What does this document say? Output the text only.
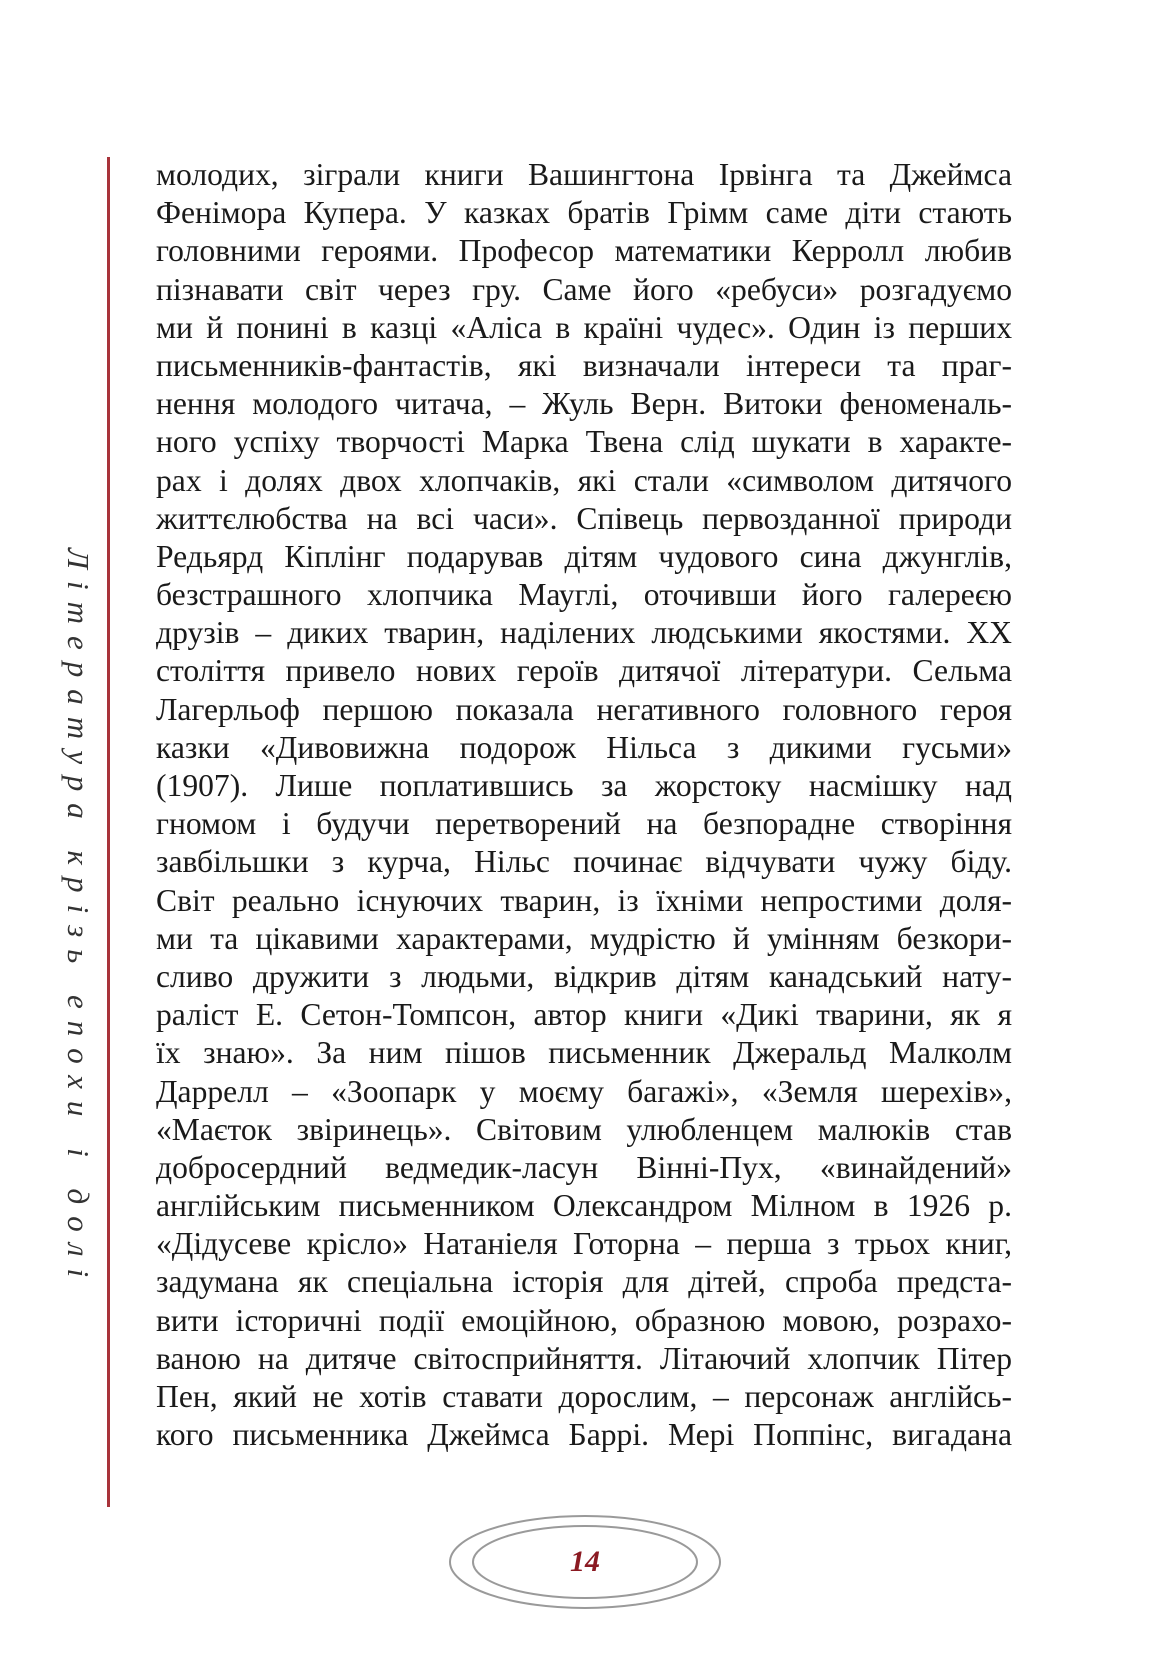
Література крізь епохи і долі
молодих, зіграли книги Вашингтона Ірвінга та Джеймса
Фенімора Купера. У казках братів Грімм саме діти стають
головними героями. Професор математики Керролл любив
пізнавати світ через гру. Саме його «ребуси» розгадуємо
ми й понині в казці «Аліса в країні чудес». Один із перших
письменників-фантастів, які визначали інтереси та праг-
нення молодого читача, – Жуль Верн. Витоки феноменаль-
ного успіху творчості Марка Твена слід шукати в характе-
рах і долях двох хлопчаків, які стали «символом дитячого
життєлюбства на всі часи». Співець первозданної природи
Редьярд Кіплінг подарував дітям чудового сина джунглів,
безстрашного хлопчика Мауглі, оточивши його галереєю
друзів – диких тварин, наділених людськими якостями. XX
століття привело нових героїв дитячої літератури. Сельма
Лагерльоф першою показала негативного головного героя
казки «Дивовижна подорож Нільса з дикими гусьми»
(1907). Лише поплатившись за жорстоку насмішку над
гномом і будучи перетворений на безпорадне створіння
завбільшки з курча, Нільс починає відчувати чужу біду.
Світ реально існуючих тварин, із їхніми непростими доля-
ми та цікавими характерами, мудрістю й умінням безкори-
сливо дружити з людьми, відкрив дітям канадський нату-
раліст Е. Сетон-Томпсон, автор книги «Дикі тварини, як я
їх знаю». За ним пішов письменник Джеральд Малколм
Даррелл – «Зоопарк у моєму багажі», «Земля шерехів»,
«Маєток звіринець». Світовим улюбленцем малюків став
добросердний ведмедик-ласун Вінні-Пух, «винайдений»
англійським письменником Олександром Мілном в 1926 р.
«Дідусеве крісло» Натаніеля Готорна – перша з трьох книг,
задумана як спеціальна історія для дітей, спроба предста-
вити історичні події емоційною, образною мовою, розрахо-
ваною на дитяче світосприйняття. Літаючий хлопчик Пітер
Пен, який не хотів ставати дорослим, – персонаж англійсь-
кого письменника Джеймса Баррі. Мері Поппінс, вигадана
14
